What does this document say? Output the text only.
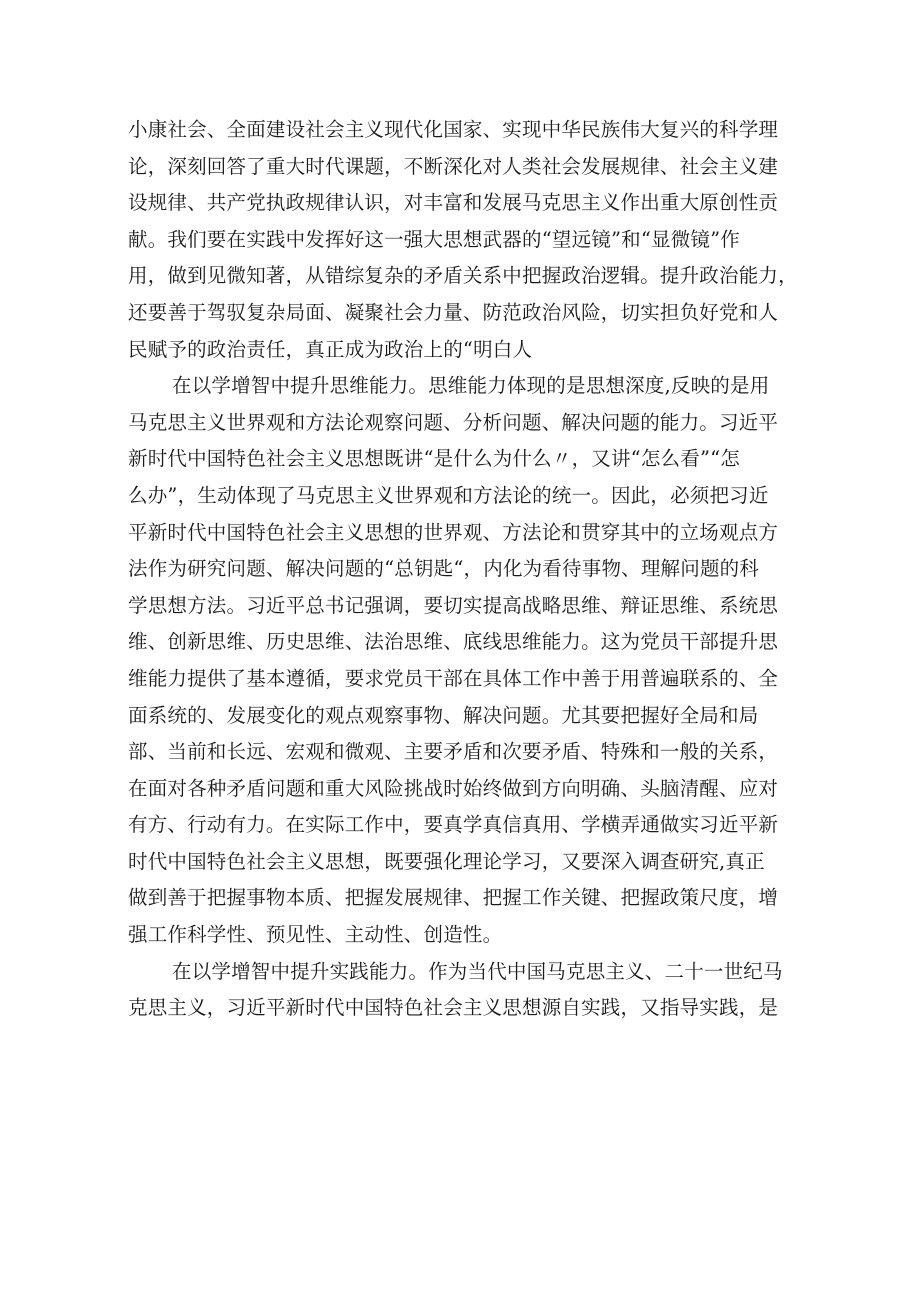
小康社会、全面建设社会主义现代化国家、实现中华民族伟大复兴的科学理
论，深刻回答了重大时代课题，不断深化对人类社会发展规律、社会主义建
设规律、共产党执政规律认识，对丰富和发展马克思主义作出重大原创性贡
献。我们要在实践中发挥好这一强大思想武器的“望远镜”和“显微镜”作
用，做到见微知著，从错综复杂的矛盾关系中把握政治逻辑。提升政治能力，
还要善于驾驭复杂局面、凝聚社会力量、防范政治风险，切实担负好党和人
民赋予的政治责任，真正成为政治上的“明白人
在以学增智中提升思维能力。思维能力体现的是思想深度,反映的是用
马克思主义世界观和方法论观察问题、分析问题、解决问题的能力。习近平
新时代中国特色社会主义思想既讲“是什么为什么〃，又讲“怎么看”“怎
么办”，生动体现了马克思主义世界观和方法论的统一。因此，必须把习近
平新时代中国特色社会主义思想的世界观、方法论和贯穿其中的立场观点方
法作为研究问题、解决问题的“总钥匙“，内化为看待事物、理解问题的科
学思想方法。习近平总书记强调，要切实提高战略思维、辩证思维、系统思
维、创新思维、历史思维、法治思维、底线思维能力。这为党员干部提升思
维能力提供了基本遵循，要求党员干部在具体工作中善于用普遍联系的、全
面系统的、发展变化的观点观察事物、解决问题。尤其要把握好全局和局
部、当前和长远、宏观和微观、主要矛盾和次要矛盾、特殊和一般的关系，
在面对各种矛盾问题和重大风险挑战时始终做到方向明确、头脑清醒、应对
有方、行动有力。在实际工作中，要真学真信真用、学横弄通做实习近平新
时代中国特色社会主义思想，既要强化理论学习，又要深入调查研究,真正
做到善于把握事物本质、把握发展规律、把握工作关键、把握政策尺度，增
强工作科学性、预见性、主动性、创造性。
在以学增智中提升实践能力。作为当代中国马克思主义、二十一世纪马
克思主义，习近平新时代中国特色社会主义思想源自实践，又指导实践，是
